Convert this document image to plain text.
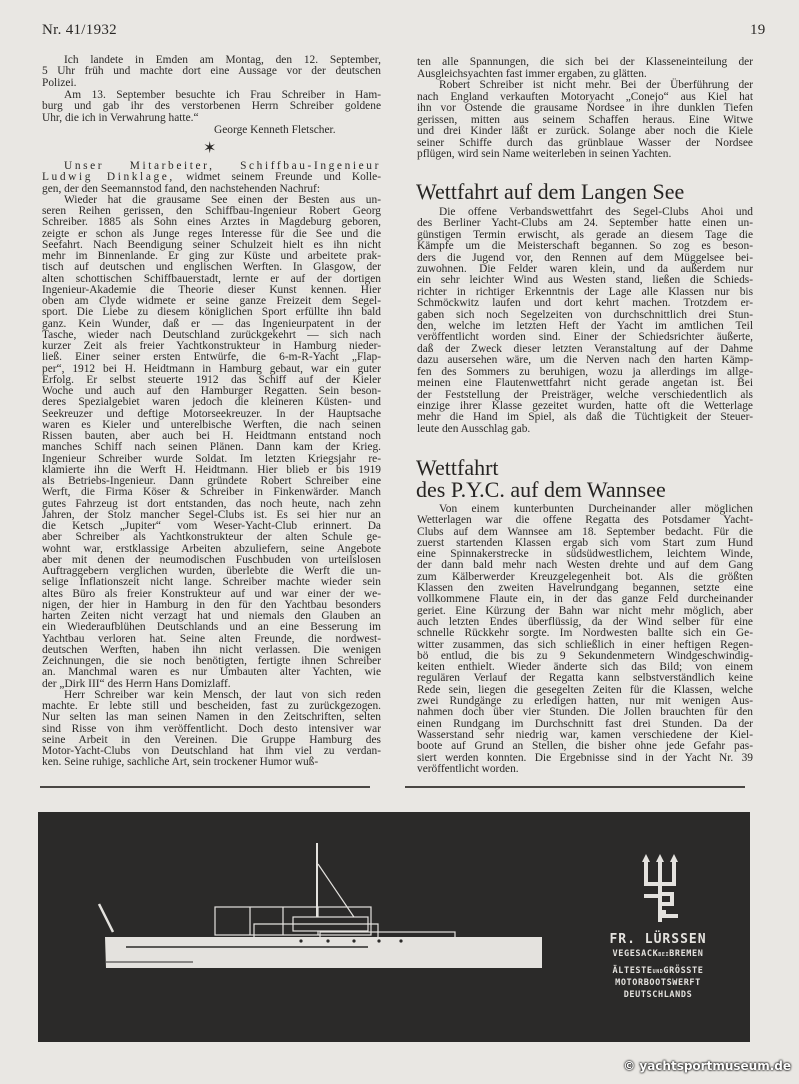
Nr. 41/1932	19
Ich landete in Emden am Montag, den 12. September,
5 Uhr früh und machte dort eine Aussage vor der deutschen
Polizei.
Am 13. September besuchte ich Frau Schreiber in Ham-
burg und gab ihr des verstorbenen Herrn Schreiber goldene
Uhr, die ich in Verwahrung hatte.“
George Kenneth Fletscher.
✶
Unser Mitarbeiter, Schiffbau-Ingenieur
Ludwig Dinklage, widmet seinem Freunde und Kolle-
gen, der den Seemannstod fand, den nachstehenden Nachruf:
Wieder hat die grausame See einen der Besten aus un-
seren Reihen gerissen, den Schiffbau-Ingenieur Robert Georg
Schreiber. 1885 als Sohn eines Arztes in Magdeburg geboren,
zeigte er schon als Junge reges Interesse für die See und die
Seefahrt. Nach Beendigung seiner Schulzeit hielt es ihn nicht
mehr im Binnenlande. Er ging zur Küste und arbeitete prak-
tisch auf deutschen und englischen Werften. In Glasgow, der
alten schottischen Schiffbauerstadt, lernte er auf der dortigen
Ingenieur-Akademie die Theorie dieser Kunst kennen. Hier
oben am Clyde widmete er seine ganze Freizeit dem Segel-
sport. Die Liebe zu diesem königlichen Sport erfüllte ihn bald
ganz. Kein Wunder, daß er — das Ingenieurpatent in der
Tasche, wieder nach Deutschland zurückgekehrt — sich nach
kurzer Zeit als freier Yachtkonstrukteur in Hamburg nieder-
ließ. Einer seiner ersten Entwürfe, die 6-m-R-Yacht „Flap-
per“, 1912 bei H. Heidtmann in Hamburg gebaut, war ein guter
Erfolg. Er selbst steuerte 1912 das Schiff auf der Kieler
Woche und auch auf den Hamburger Regatten. Sein beson-
deres Spezialgebiet waren jedoch die kleineren Küsten- und
Seekreuzer und deftige Motorseekreuzer. In der Hauptsache
waren es Kieler und unterelbische Werften, die nach seinen
Rissen bauten, aber auch bei H. Heidtmann entstand noch
manches Schiff nach seinen Plänen. Dann kam der Krieg.
Ingenieur Schreiber wurde Soldat. Im letzten Kriegsjahr re-
klamierte ihn die Werft H. Heidtmann. Hier blieb er bis 1919
als Betriebs-Ingenieur. Dann gründete Robert Schreiber eine
Werft, die Firma Köser & Schreiber in Finkenwärder. Manch
gutes Fahrzeug ist dort entstanden, das noch heute, nach zehn
Jahren, der Stolz mancher Segel-Clubs ist. Es sei hier nur an
die Ketsch „Jupiter“ vom Weser-Yacht-Club erinnert. Da
aber Schreiber als Yachtkonstrukteur der alten Schule ge-
wohnt war, erstklassige Arbeiten abzuliefern, seine Angebote
aber mit denen der neumodischen Fuschbuden von urteilslosen
Auftraggebern verglichen wurden, überlebte die Werft die un-
selige Inflationszeit nicht lange. Schreiber machte wieder sein
altes Büro als freier Konstrukteur auf und war einer der we-
nigen, der hier in Hamburg in den für den Yachtbau besonders
harten Zeiten nicht verzagt hat und niemals den Glauben an
ein Wiederaufblühen Deutschlands und an eine Besserung im
Yachtbau verloren hat. Seine alten Freunde, die nordwest-
deutschen Werften, haben ihn nicht verlassen. Die wenigen
Zeichnungen, die sie noch benötigten, fertigte ihnen Schreiber
an. Manchmal waren es nur Umbauten alter Yachten, wie
der „Dirk III“ des Herrn Hans Domizlaff.
Herr Schreiber war kein Mensch, der laut von sich reden
machte. Er lebte still und bescheiden, fast zu zurückgezogen.
Nur selten las man seinen Namen in den Zeitschriften, selten
sind Risse von ihm veröffentlicht. Doch desto intensiver war
seine Arbeit in den Vereinen. Die Gruppe Hamburg des
Motor-Yacht-Clubs von Deutschland hat ihm viel zu verdan-
ken. Seine ruhige, sachliche Art, sein trockener Humor wuß-
ten alle Spannungen, die sich bei der Klasseneinteilung der
Ausgleichsyachten fast immer ergaben, zu glätten.
Robert Schreiber ist nicht mehr. Bei der Überführung der
nach England verkauften Motoryacht „Conejo“ aus Kiel hat
ihn vor Ostende die grausame Nordsee in ihre dunklen Tiefen
gerissen, mitten aus seinem Schaffen heraus. Eine Witwe
und drei Kinder läßt er zurück. Solange aber noch die Kiele
seiner Schiffe durch das grünblaue Wasser der Nordsee
pflügen, wird sein Name weiterleben in seinen Yachten.
Wettfahrt auf dem Langen See
Die offene Verbandswettfahrt des Segel-Clubs Ahoi und
des Berliner Yacht-Clubs am 24. September hatte einen un-
günstigen Termin erwischt, als gerade an diesem Tage die
Kämpfe um die Meisterschaft begannen. So zog es beson-
ders die Jugend vor, den Rennen auf dem Müggelsee bei-
zuwohnen. Die Felder waren klein, und da außerdem nur
ein sehr leichter Wind aus Westen stand, ließen die Schieds-
richter in richtiger Erkenntnis der Lage alle Klassen nur bis
Schmöckwitz laufen und dort kehrt machen. Trotzdem er-
gaben sich noch Segelzeiten von durchschnittlich drei Stun-
den, welche im letzten Heft der Yacht im amtlichen Teil
veröffentlicht worden sind. Einer der Schiedsrichter äußerte,
daß der Zweck dieser letzten Veranstaltung auf der Dahme
dazu ausersehen wäre, um die Nerven nach den harten Kämp-
fen des Sommers zu beruhigen, wozu ja allerdings im allge-
meinen eine Flautenwettfahrt nicht gerade angetan ist. Bei
der Feststellung der Preisträger, welche verschiedentlich als
einzige ihrer Klasse gezeitet wurden, hatte oft die Wetterlage
mehr die Hand im Spiel, als daß die Tüchtigkeit der Steuer-
leute den Ausschlag gab.
Wettfahrt
des P.Y.C. auf dem Wannsee
Von einem kunterbunten Durcheinander aller möglichen
Wetterlagen war die offene Regatta des Potsdamer Yacht-
Clubs auf dem Wannsee am 18. September bedacht. Für die
zuerst startenden Klassen ergab sich vom Start zum Hund
eine Spinnakerstrecke in südsüdwestlichem, leichtem Winde,
der dann bald mehr nach Westen drehte und auf dem Gang
zum Kälberwerder Kreuzgelegenheit bot. Als die größten
Klassen den zweiten Havelrundgang begannen, setzte eine
vollkommene Flaute ein, in der das ganze Feld durcheinander
geriet. Eine Kürzung der Bahn war nicht mehr möglich, aber
auch letzten Endes überflüssig, da der Wind selber für eine
schnelle Rückkehr sorgte. Im Nordwesten ballte sich ein Ge-
witter zusammen, das sich schließlich in einer heftigen Regen-
bö entlud, die bis zu 9 Sekundenmetern Windgeschwindig-
keiten enthielt. Wieder änderte sich das Bild; von einem
regulären Verlauf der Regatta kann selbstverständlich keine
Rede sein, liegen die gesegelten Zeiten für die Klassen, welche
zwei Rundgänge zu erledigen hatten, nur mit wenigen Aus-
nahmen doch über vier Stunden. Die Jollen brauchten für den
einen Rundgang im Durchschnitt fast drei Stunden. Da der
Wasserstand sehr niedrig war, kamen verschiedene der Kiel-
boote auf Grund an Stellen, die bisher ohne jede Gefahr pas-
siert werden konnten. Die Ergebnisse sind in der Yacht Nr. 39
veröffentlicht worden.
FR. LÜRSSEN
VEGESACKBEIBREMEN
ÄLTESTEUNDGRÖSSTE
MOTORBOOTSWERFT
DEUTSCHLANDS
© yachtsportmuseum.de
